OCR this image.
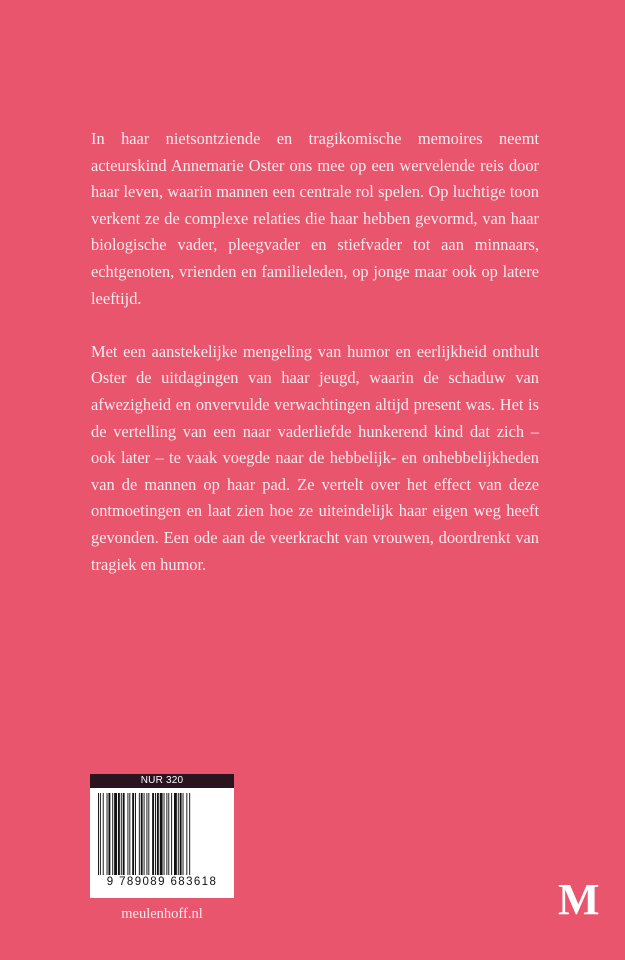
In haar nietsontziende en tragikomische memoires neemt acteurskind Annemarie Oster ons mee op een wervelende reis door haar leven, waarin mannen een centrale rol spelen. Op luchtige toon verkent ze de complexe relaties die haar hebben gevormd, van haar biologische vader, pleegvader en stiefvader tot aan minnaars, echtgenoten, vrienden en familieleden, op jonge maar ook op latere leeftijd.

Met een aanstekelijke mengeling van humor en eerlijkheid onthult Oster de uitdagingen van haar jeugd, waarin de schaduw van afwezigheid en onvervulde verwachtingen altijd present was. Het is de vertelling van een naar vaderliefde hunkerend kind dat zich – ook later – te vaak voegde naar de hebbelijk- en onhebbelijkheden van de mannen op haar pad. Ze vertelt over het effect van deze ontmoetingen en laat zien hoe ze uiteindelijk haar eigen weg heeft gevonden. Een ode aan de veerkracht van vrouwen, doordrenkt van tragiek en humor.

NUR 320
9 789089 683618
meulenhoff.nl	M
